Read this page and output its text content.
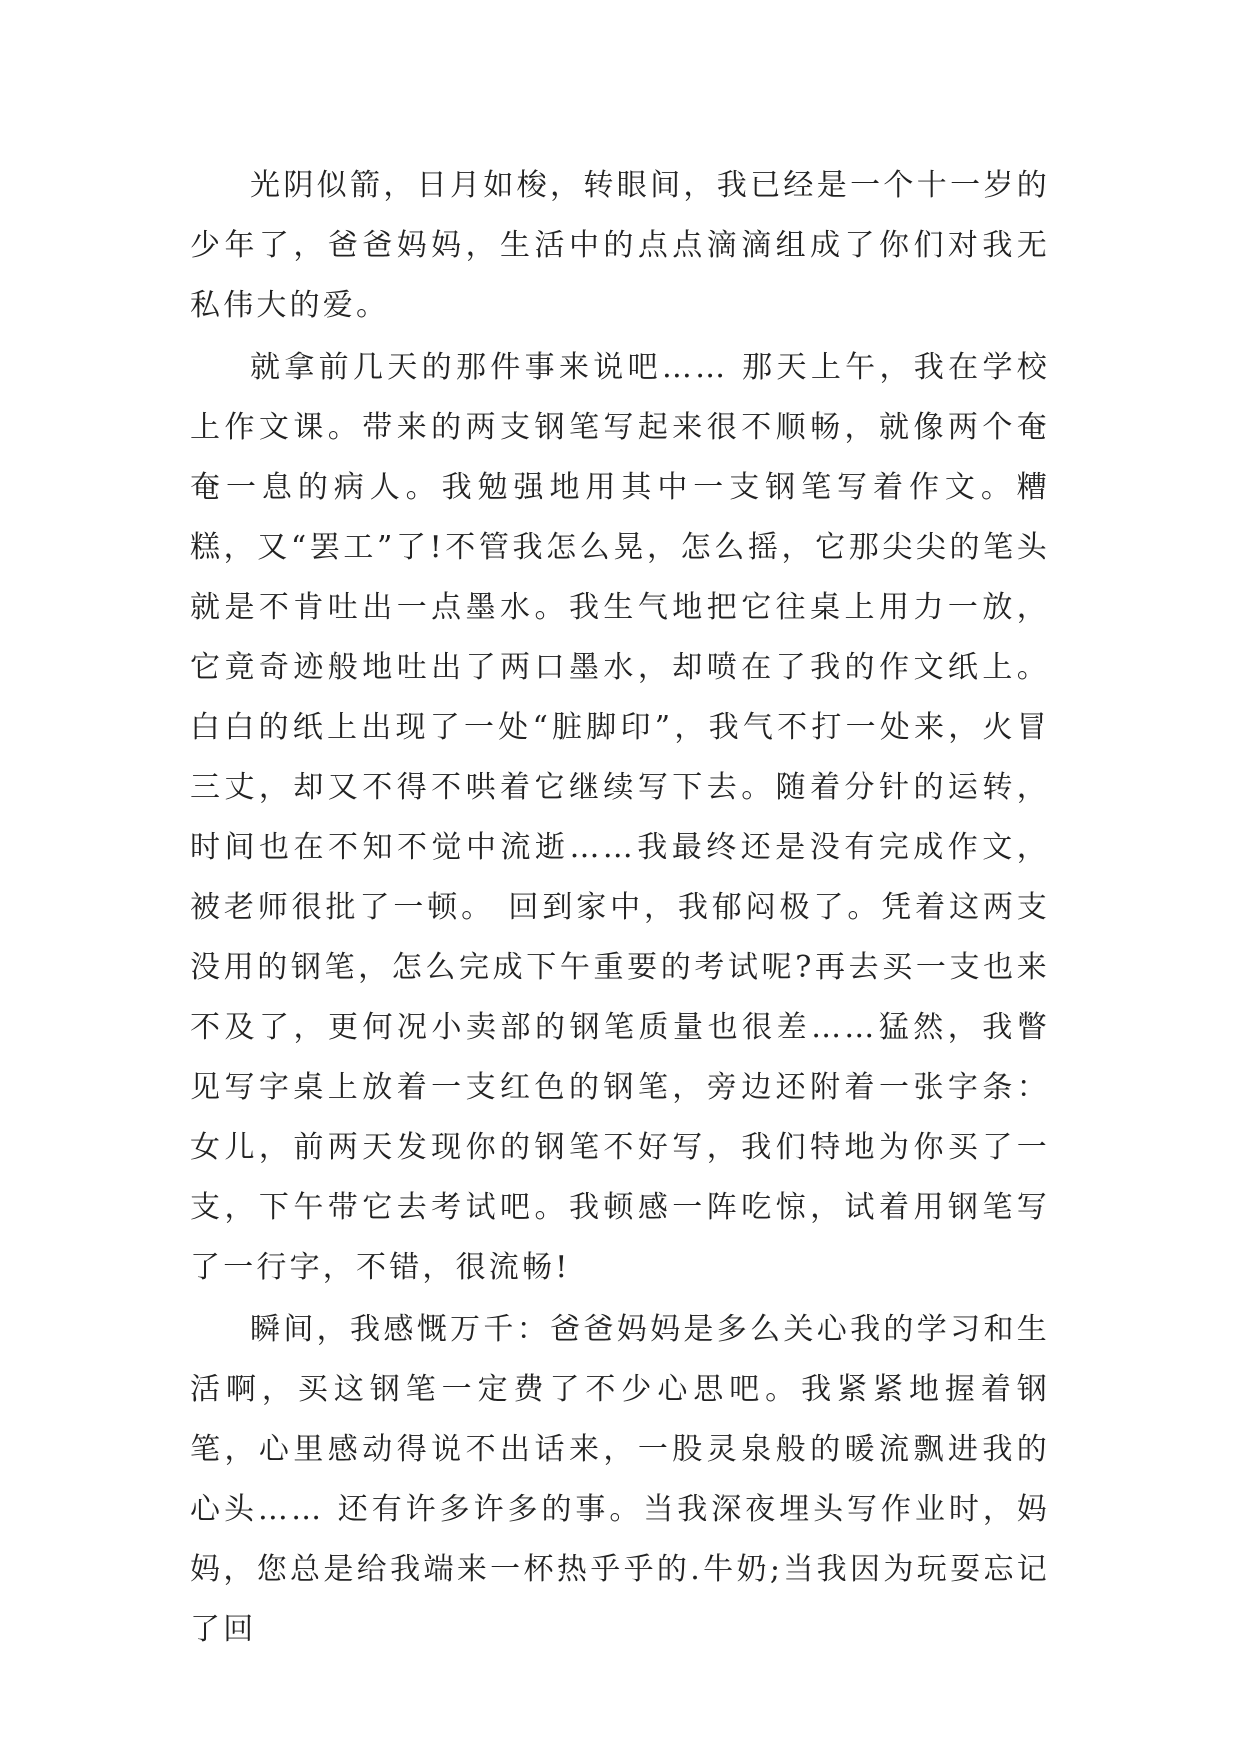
光阴似箭，日月如梭，转眼间，我已经是一个十一岁的少年了，爸爸妈妈，生活中的点点滴滴组成了你们对我无私伟大的爱。

就拿前几天的那件事来说吧…… 那天上午，我在学校上作文课。带来的两支钢笔写起来很不顺畅，就像两个奄奄一息的病人。我勉强地用其中一支钢笔写着作文。糟糕，又“罢工”了!不管我怎么晃，怎么摇，它那尖尖的笔头就是不肯吐出一点墨水。我生气地把它往桌上用力一放，它竟奇迹般地吐出了两口墨水，却喷在了我的作文纸上。白白的纸上出现了一处“脏脚印”，我气不打一处来，火冒三丈，却又不得不哄着它继续写下去。随着分针的运转，时间也在不知不觉中流逝……我最终还是没有完成作文，被老师很批了一顿。 回到家中，我郁闷极了。凭着这两支没用的钢笔，怎么完成下午重要的考试呢?再去买一支也来不及了，更何况小卖部的钢笔质量也很差……猛然，我瞥见写字桌上放着一支红色的钢笔，旁边还附着一张字条：女儿，前两天发现你的钢笔不好写，我们特地为你买了一支，下午带它去考试吧。我顿感一阵吃惊，试着用钢笔写了一行字，不错，很流畅!

瞬间，我感慨万千：爸爸妈妈是多么关心我的学习和生活啊，买这钢笔一定费了不少心思吧。我紧紧地握着钢笔，心里感动得说不出话来，一股灵泉般的暖流飘进我的心头…… 还有许多许多的事。当我深夜埋头写作业时，妈妈，您总是给我端来一杯热乎乎的.牛奶;当我因为玩耍忘记了回
